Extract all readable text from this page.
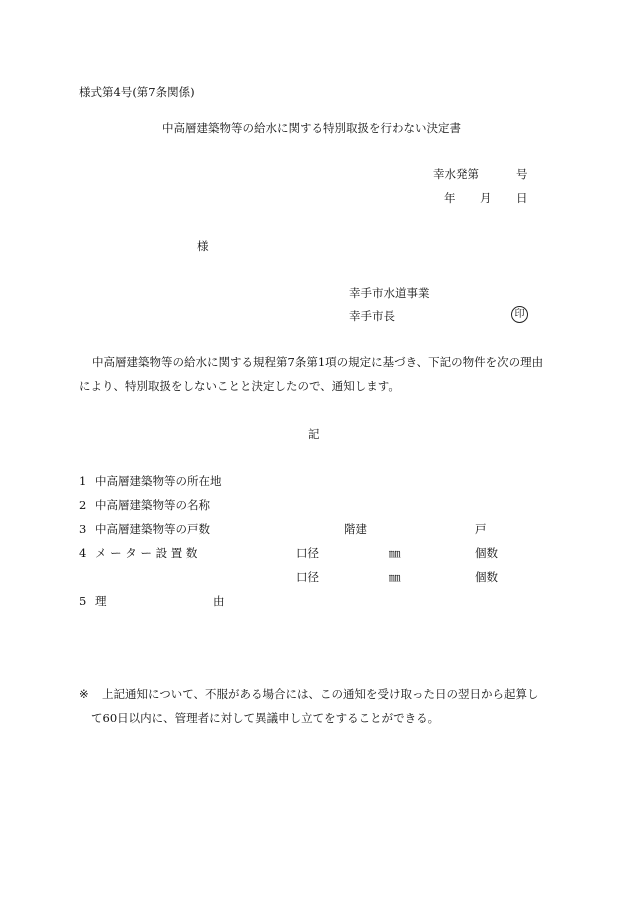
様式第4号(第7条関係)
中高層建築物等の給水に関する特別取扱を行わない決定書
幸水発第	号
年 月 日
様
幸手市水道事業
幸手市長	印
中高層建築物等の給水に関する規程第7条第1項の規定に基づき、下記の物件を次の理由
により、特別取扱をしないことと決定したので、通知します。
記
1 中高層建築物等の所在地
2 中高層建築物等の名称
3 中高層建築物等の戸数	階建	戸
4 メ ー タ ー 設 置 数	口径	㎜	個数
口径	㎜	個数
5 理	由
※ 上記通知について、不服がある場合には、この通知を受け取った日の翌日から起算し
て60日以内に、管理者に対して異議申し立てをすることができる。
